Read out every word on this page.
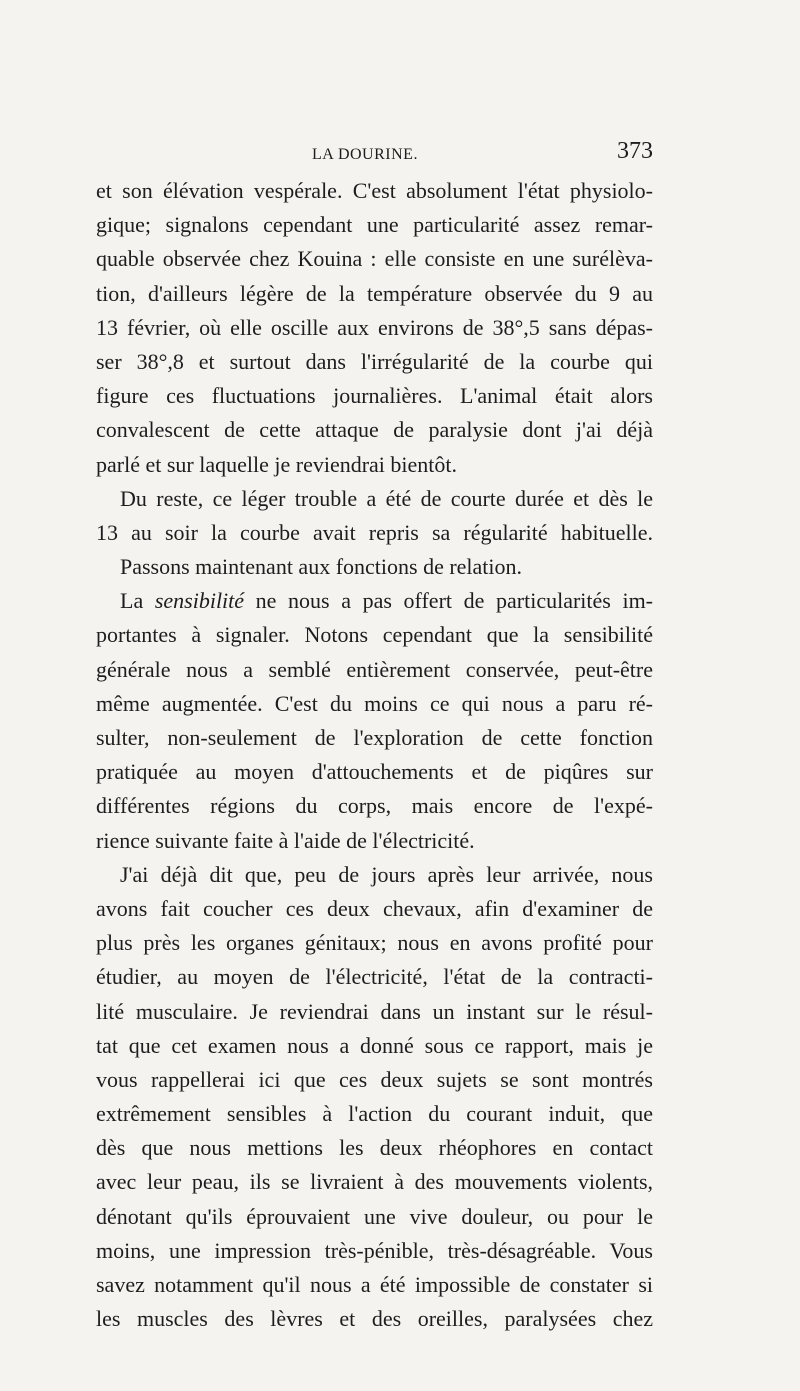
LA DOURINE.	373
et son élévation vespérale. C'est absolument l'état physiolo-
gique; signalons cependant une particularité assez remar-
quable observée chez Kouina : elle consiste en une surélèva-
tion, d'ailleurs légère de la température observée du 9 au
13 février, où elle oscille aux environs de 38°,5 sans dépas-
ser 38°,8 et surtout dans l'irrégularité de la courbe qui
figure ces fluctuations journalières. L'animal était alors
convalescent de cette attaque de paralysie dont j'ai déjà
parlé et sur laquelle je reviendrai bientôt.
Du reste, ce léger trouble a été de courte durée et dès le
13 au soir la courbe avait repris sa régularité habituelle.
Passons maintenant aux fonctions de relation.
La sensibilité ne nous a pas offert de particularités im-
portantes à signaler. Notons cependant que la sensibilité
générale nous a semblé entièrement conservée, peut-être
même augmentée. C'est du moins ce qui nous a paru ré-
sulter, non-seulement de l'exploration de cette fonction
pratiquée au moyen d'attouchements et de piqûres sur
différentes régions du corps, mais encore de l'expé-
rience suivante faite à l'aide de l'électricité.
J'ai déjà dit que, peu de jours après leur arrivée, nous
avons fait coucher ces deux chevaux, afin d'examiner de
plus près les organes génitaux; nous en avons profité pour
étudier, au moyen de l'électricité, l'état de la contracti-
lité musculaire. Je reviendrai dans un instant sur le résul-
tat que cet examen nous a donné sous ce rapport, mais je
vous rappellerai ici que ces deux sujets se sont montrés
extrêmement sensibles à l'action du courant induit, que
dès que nous mettions les deux rhéophores en contact
avec leur peau, ils se livraient à des mouvements violents,
dénotant qu'ils éprouvaient une vive douleur, ou pour le
moins, une impression très-pénible, très-désagréable. Vous
savez notamment qu'il nous a été impossible de constater si
les muscles des lèvres et des oreilles, paralysées chez
